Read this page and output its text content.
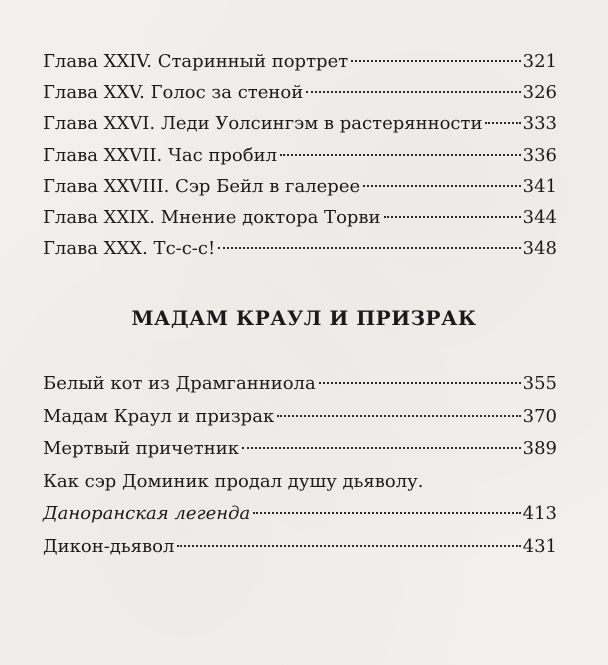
Глава XXIV. Старинный портрет	321
Глава XXV. Голос за стеной	326
Глава XXVI. Леди Уолсингэм в растерянности 333
Глава XXVII. Час пробил	336
Глава XXVIII. Сэр Бейл в галерее	341
Глава XXIX. Мнение доктора Торви	344
Глава XXX. Тс-с-с!	348
МАДАМ КРАУЛ И ПРИЗРАК
Белый кот из Драмганниола	355
Мадам Краул и призрак	370
Мертвый причетник	389
Как сэр Доминик продал душу дьяволу.
Данoранская легенда	413
Дикон-дьявол	431
